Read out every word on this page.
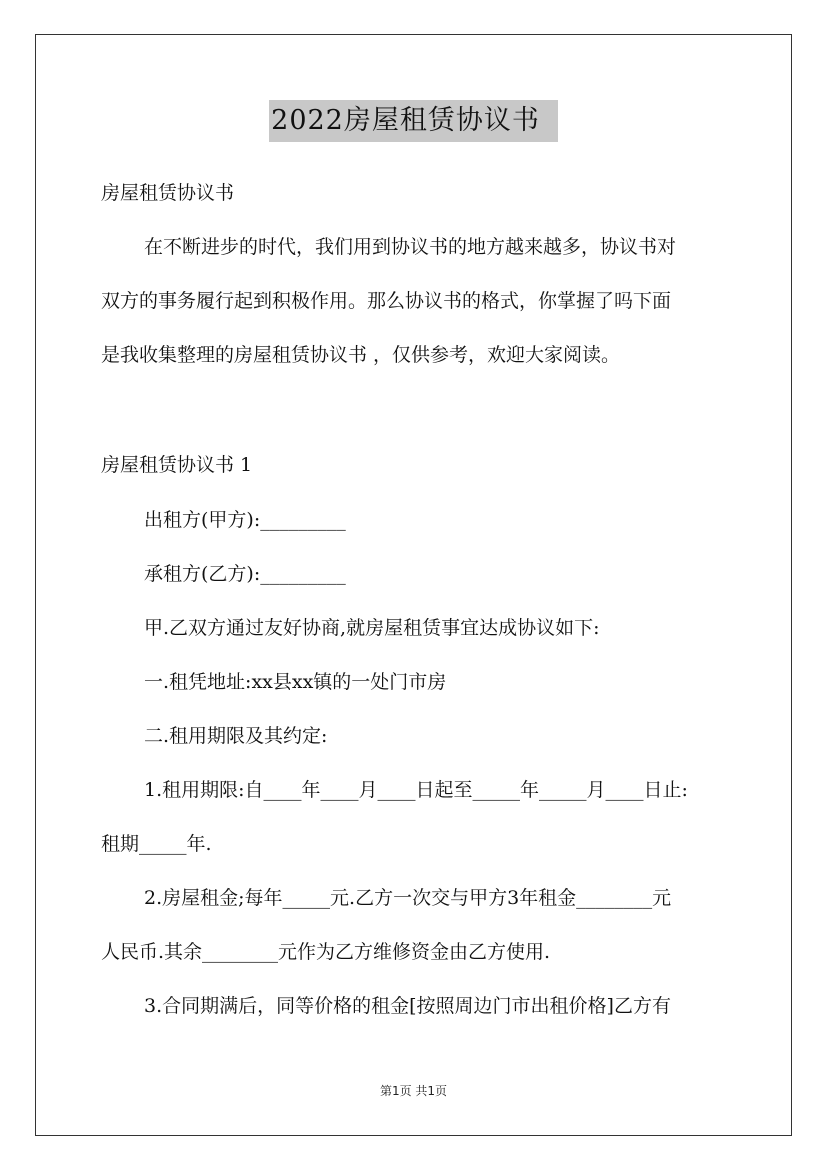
2022房屋租赁协议书
房屋租赁协议书
在不断进步的时代，我们用到协议书的地方越来越多，协议书对
双方的事务履行起到积极作用。那么协议书的格式，你掌握了吗下面
是我收集整理的房屋租赁协议书 ，仅供参考，欢迎大家阅读。
房屋租赁协议书 1
出租方(甲方):_________
承租方(乙方):_________
甲.乙双方通过友好协商,就房屋租赁事宜达成协议如下:
一.租凭地址:xx县xx镇的一处门市房
二.租用期限及其约定:
1.租用期限:自____年____月____日起至_____年_____月____日止:
租期_____年.
2.房屋租金;每年_____元.乙方一次交与甲方3年租金________元
人民币.其余________元作为乙方维修资金由乙方使用.
3.合同期满后，同等价格的租金[按照周边门市出租价格]乙方有
第1页 共1页
